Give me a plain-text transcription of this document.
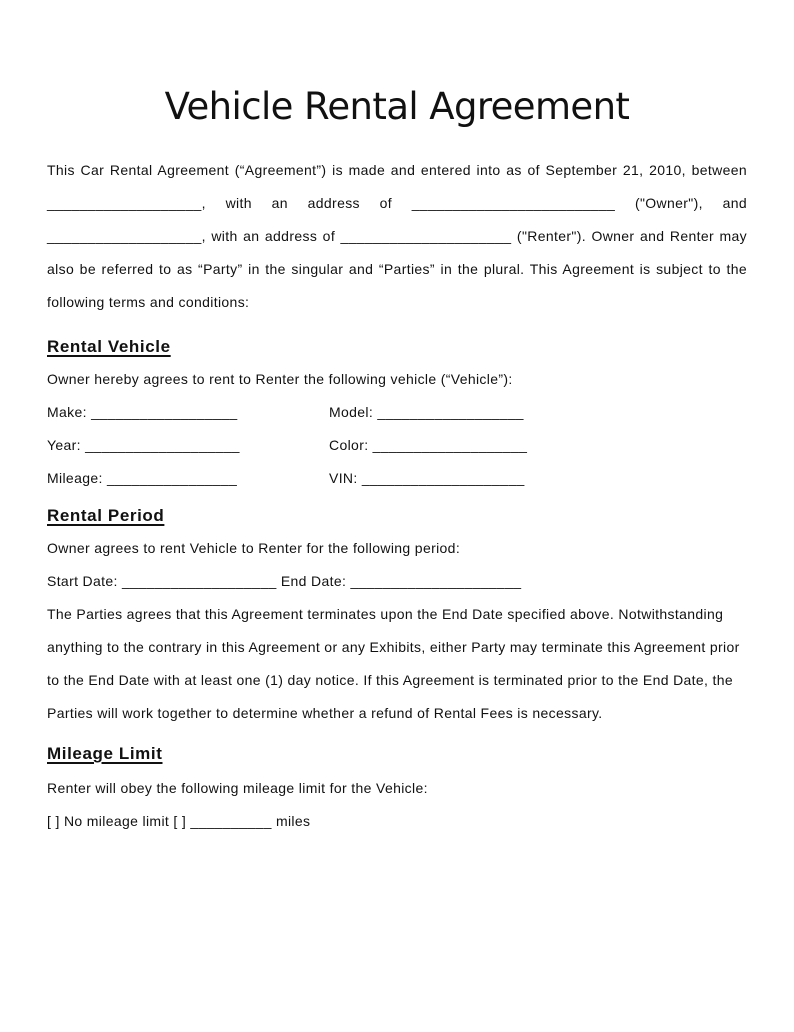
Vehicle Rental Agreement

This Car Rental Agreement (“Agreement”) is made and entered into as of September 21, 2010, between ___________________, with an address of _________________________ ("Owner"), and ___________________, with an address of _____________________ ("Renter"). Owner and Renter may also be referred to as “Party” in the singular and “Parties” in the plural. This Agreement is subject to the following terms and conditions:

Rental Vehicle
Owner hereby agrees to rent to Renter the following vehicle (“Vehicle”):
Make: __________________	Model: __________________
Year: ___________________	Color: ___________________
Mileage: ________________	VIN: ____________________
Rental Period
Owner agrees to rent Vehicle to Renter for the following period:
Start Date: ___________________ End Date: _____________________
The Parties agrees that this Agreement terminates upon the End Date specified above. Notwithstanding anything to the contrary in this Agreement or any Exhibits, either Party may terminate this Agreement prior to the End Date with at least one (1) day notice. If this Agreement is terminated prior to the End Date, the Parties will work together to determine whether a refund of Rental Fees is necessary.
Mileage Limit
Renter will obey the following mileage limit for the Vehicle:
[ ] No mileage limit [ ] __________ miles
